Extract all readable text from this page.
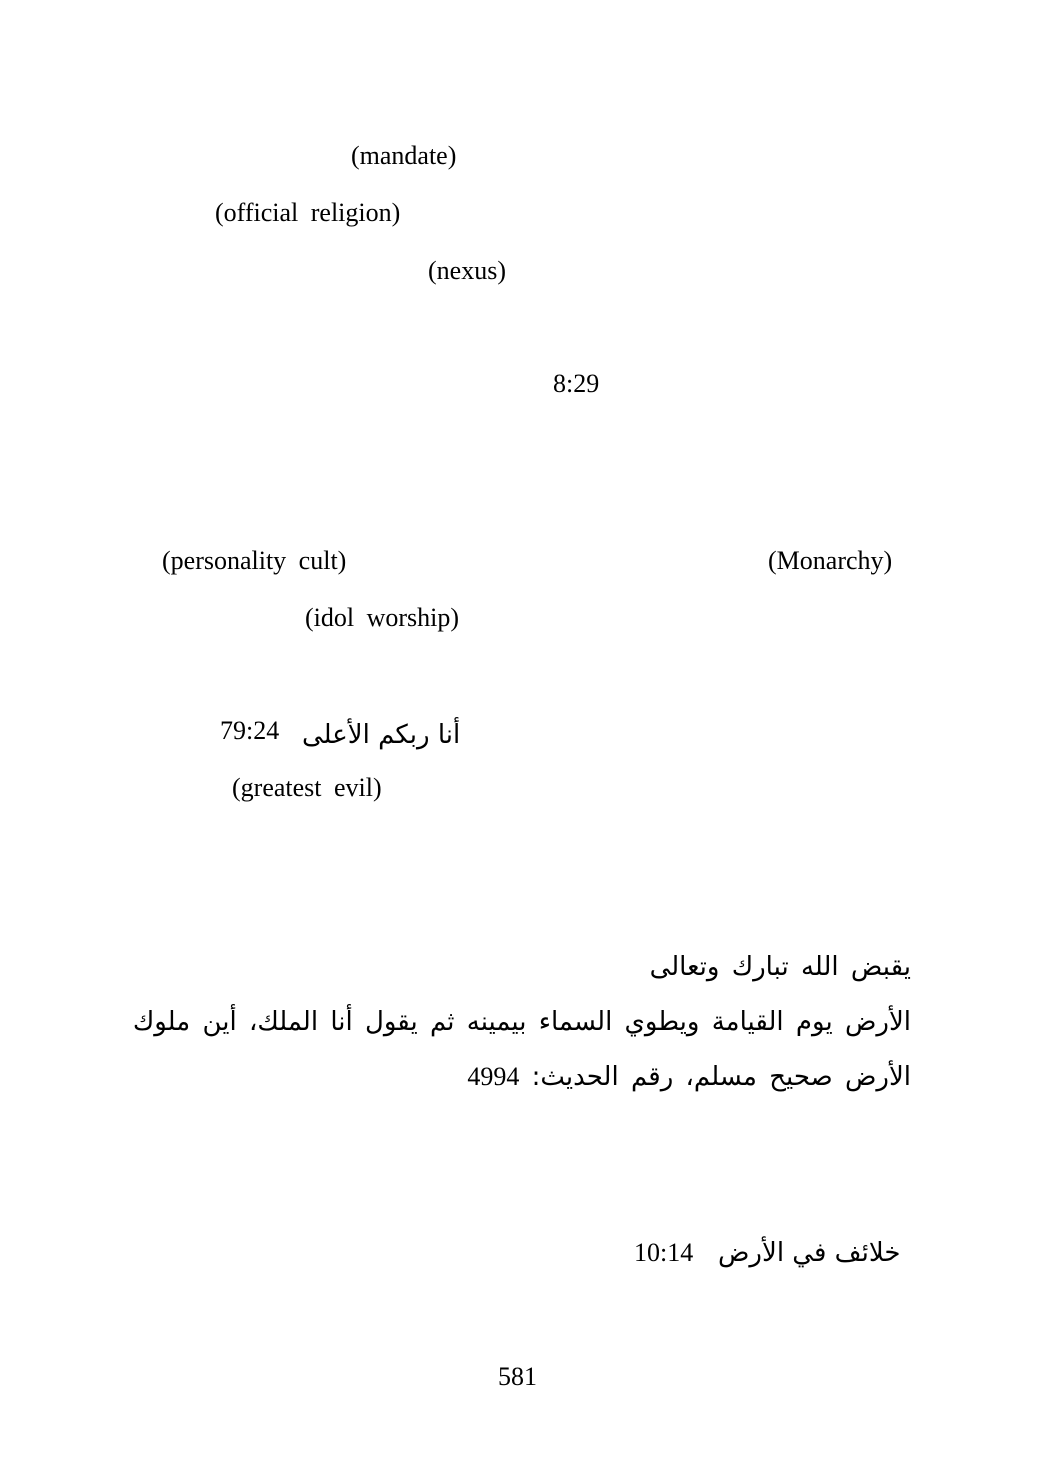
(mandate)
(official religion)
(nexus)
8:29
(personality cult)	(Monarchy)
(idol worship)
أنا ربكم الأعلى
79:24
(greatest evil)
يقبض الله تبارك وتعالى
الأرض يوم القيامة ويطوي السماء بيمينه ثم يقول أنا الملك، أين ملوك
الأرض صحيح مسلم، رقم الحديث: 4994
خلائف في الأرض
10:14
581
